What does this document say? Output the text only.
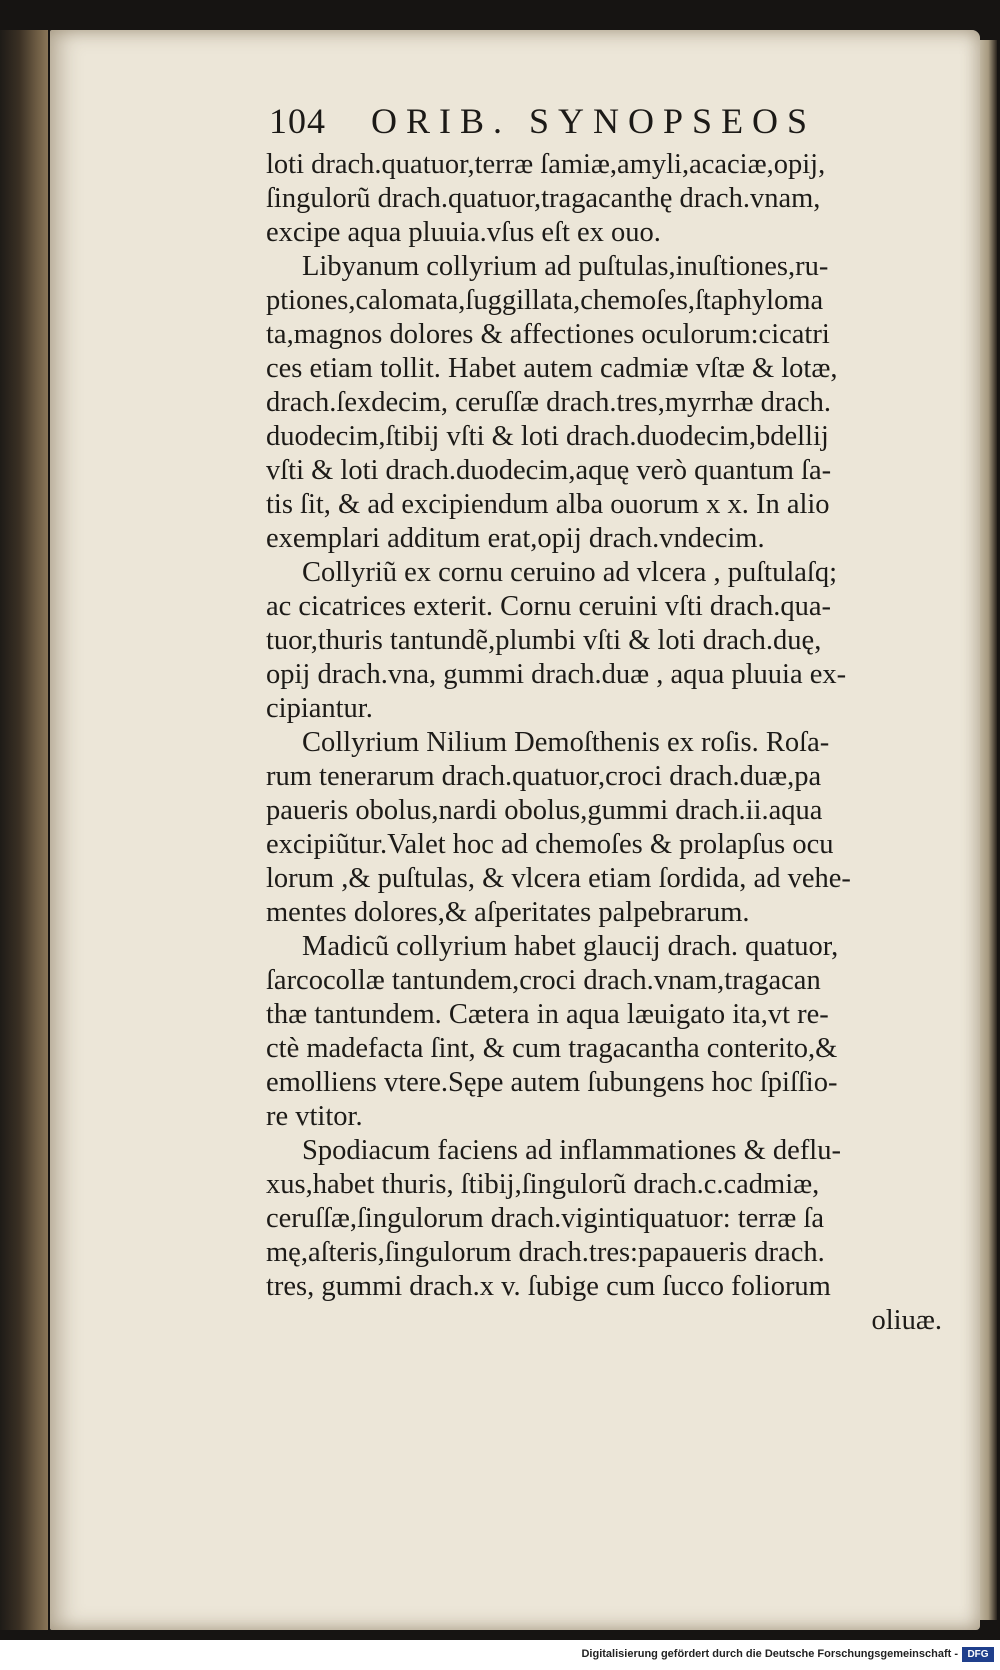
104 ORIB. SYNOPSEOS
loti drach.quatuor,terræ ſamiæ,amyli,acaciæ,opij,
ſingulorũ drach.quatuor,tragacanthę drach.vnam,
excipe aqua pluuia.vſus eſt ex ouo.
Libyanum collyrium ad puſtulas,inuſtiones,ru-
ptiones,calomata,ſuggillata,chemoſes,ſtaphyloma
ta,magnos dolores & affectiones oculorum:cicatri
ces etiam tollit. Habet autem cadmiæ vſtæ & lotæ,
drach.ſexdecim, ceruſſæ drach.tres,myrrhæ drach.
duodecim,ſtibij vſti & loti drach.duodecim,bdellij
vſti & loti drach.duodecim,aquę verò quantum ſa-
tis ſit, & ad excipiendum alba ouorum x x. In alio
exemplari additum erat,opij drach.vndecim.
Collyriũ ex cornu ceruino ad vlcera , puſtulaſq;
ac cicatrices exterit. Cornu ceruini vſti drach.qua-
tuor,thuris tantundẽ,plumbi vſti & loti drach.duę,
opij drach.vna, gummi drach.duæ , aqua pluuia ex-
cipiantur.
Collyrium Nilium Demoſthenis ex roſis. Roſa-
rum tenerarum drach.quatuor,croci drach.duæ,pa
paueris obolus,nardi obolus,gummi drach.ii.aqua
excipiũtur.Valet hoc ad chemoſes & prolapſus ocu
lorum ,& puſtulas, & vlcera etiam ſordida, ad vehe-
mentes dolores,& aſperitates palpebrarum.
Madicũ collyrium habet glaucij drach. quatuor,
ſarcocollæ tantundem,croci drach.vnam,tragacan
thæ tantundem. Cætera in aqua læuigato ita,vt re-
ctè madefacta ſint, & cum tragacantha conterito,&
emolliens vtere.Sępe autem ſubungens hoc ſpiſſio-
re vtitor.
Spodiacum faciens ad inflammationes & deflu-
xus,habet thuris, ſtibij,ſingulorũ drach.c.cadmiæ,
ceruſſæ,ſingulorum drach.vigintiquatuor: terræ ſa
mę,aſteris,ſingulorum drach.tres:papaueris drach.
tres, gummi drach.x v. ſubige cum ſucco foliorum
oliuæ.
Digitalisierung gefördert durch die Deutsche Forschungsgemeinschaft - DFG
